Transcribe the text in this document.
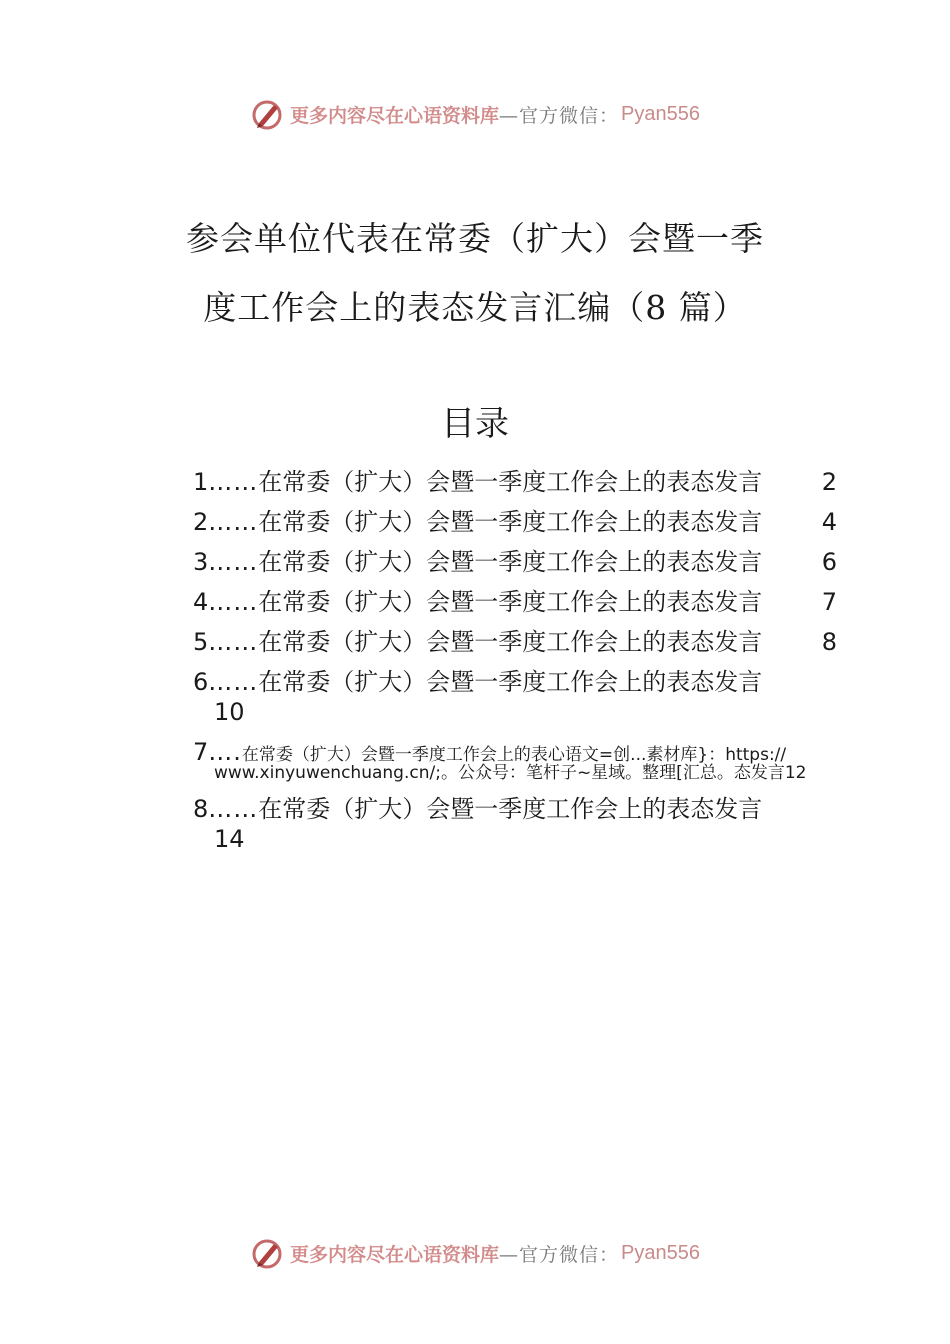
更多内容尽在心语资料库 —官方微信： Pyan556
参会单位代表在常委（扩大）会暨一季
度工作会上的表态发言汇编（8 篇）
目录
1……在常委（扩大）会暨一季度工作会上的表态发言 2
2……在常委（扩大）会暨一季度工作会上的表态发言 4
3……在常委（扩大）会暨一季度工作会上的表态发言 6
4……在常委（扩大）会暨一季度工作会上的表态发言 7
5……在常委（扩大）会暨一季度工作会上的表态发言 8
6……在常委（扩大）会暨一季度工作会上的表态发言
10
7….在常委（扩大）会暨一季度工作会上的表心语文=创...素材库}：https://
www.xinyuwenchuang.cn/;。公众号：笔杆子~星域。整理[汇总。态发言12
8……在常委（扩大）会暨一季度工作会上的表态发言
14
更多内容尽在心语资料库 —官方微信： Pyan556
